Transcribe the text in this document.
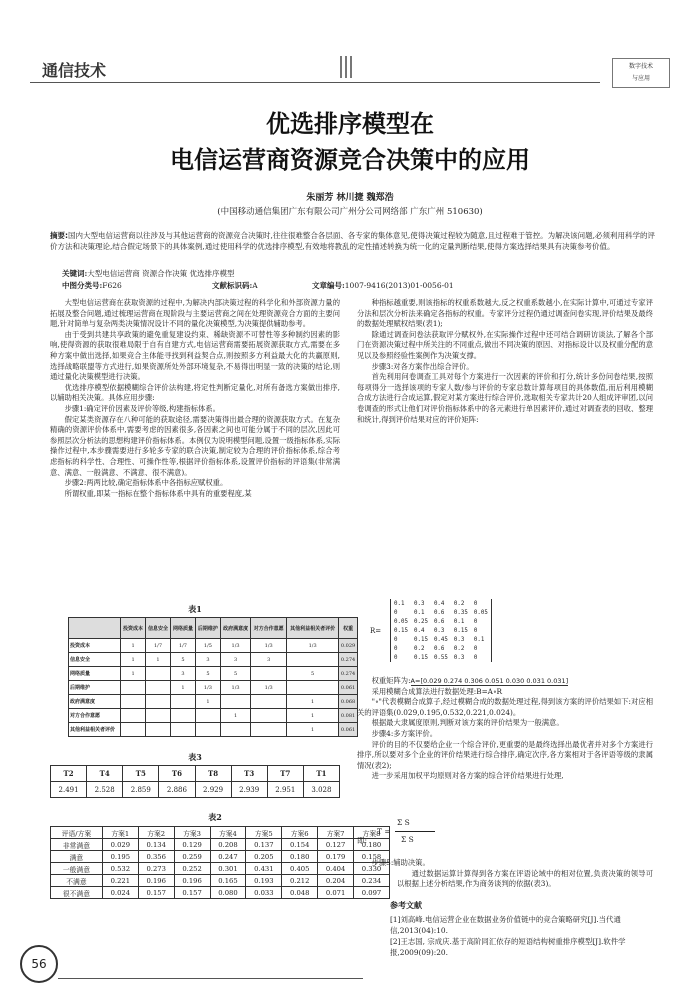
通信技术	数字技术
与应用
优选排序模型在
电信运营商资源竞合决策中的应用
朱丽芳 林川捷 魏郑浩
(中国移动通信集团广东有限公司广州分公司网络部 广东广州 510630)
摘要:国内大型电信运营商以往涉及与其他运营商的资源竞合决策时,往往很难整合各层面、各专家的集体意见,使得决策过程较为随意,且过程难于管控。为解决该问题,必须利用科学的评价方法和决策理论,结合假定场景下的具体案例,通过使用科学的优选排序模型,有效地将教乱的定性描述转换为统一化的定量判断结果,使得方案选择结果具有决策参考价值。
关键词:大型电信运营商 资源合作决策 优选排序模型
中图分类号:F626	文献标识码:A	文章编号:1007-9416(2013)01-0056-01

大型电信运营商在获取资源的过程中,为解决内部决策过程的科学化和外部资源力量的拓展及整合问题,通过梳理运营商在现阶段与主要运营商之间在处理资源竞合方面的主要问题,针对简单与复杂两类决策情况设计不同的量化决策模型,为决策提供辅助参考。

由于受到共建共享政策的避免重复建设约束、稀缺资源不可替性等多种制约因素的影响,使得资源的获取很难局限于自有自建方式,电信运营商需要拓展资源获取方式,需要在多种方案中做出选择,如果竞合主体能寻找到利益契合点,则按照多方利益最大化的共赢原则,选择战略联盟等方式进行,如果资源所处外部环境复杂,不易得出明显一致的决策的结论,则通过量化决策模型进行决策。

优选排序模型依据模糊综合评价法构建,将定性判断定量化,对所有备选方案做出排序,以辅助相关决策。具体应用步骤:

步骤1:确定评价因素及评价等级,构建指标体系。

假定某类资源存在八种可能的获取途径,需要决策得出最合理的资源获取方式。在复杂精确的资源评价体系中,需要考虑的因素很多,各因素之间也可能分属于不同的层次,因此可参照层次分析法的思想构建评价指标体系。本例仅为说明模型问题,设置一级指标体系,实际操作过程中,本步骤需要进行多轮多专家的联合决策,制定较为合理的评价指标体系,综合考虑指标的科学性、合理性、可操作性等,根据评价指标体系,设置评价指标的评语集(非常满意、满意、一般满意、不满意、很不满意)。

步骤2:两两比较,确定指标体系中各指标应赋权重。

所谓权重,即某一指标在整个指标体系中具有的重要程度,某

表1
	投资成本	信息安全	网络质量	后期维护	政府满意度	对方合作意愿	其他利益相关者评价	权重
投资成本	1	1/7	1/7	1/5	1/3	1/3	1/3	0.029
信息安全	1	1	5	3	3	3		0.274
网络质量	1		3	5	5		5	0.274
后期维护			1	1/3	1/3	1/3		0.061
政府满意度				1			1	0.068
对方合作意愿					1		1	0.081
其他利益相关者评价							1	0.061
表3
T2	T4	T5	T6	T8	T3	T7	T1
2.491	2.528	2.859	2.886	2.929	2.939	2.951	3.028
表2
评语/方案	方案1	方案2	方案3	方案4	方案5	方案6	方案7	方案8
非常满意	0.029	0.134	0.129	0.208	0.137	0.154	0.127	0.180
满意	0.195	0.356	0.259	0.247	0.205	0.180	0.179	0.158
一般满意	0.532	0.273	0.252	0.301	0.431	0.405	0.404	0.330
不满意	0.221	0.196	0.196	0.165	0.193	0.212	0.204	0.234
很不满意	0.024	0.157	0.157	0.080	0.033	0.048	0.071	0.097

种指标越重要,则该指标的权重系数越大,反之权重系数越小,在实际计算中,可通过专家评分法和层次分析法来确定各指标的权重。专家评分过程仍通过调查问卷实现,评价结果及最终的数据处理赋权结果(表1);

除通过调查问卷法获取评分赋权外,在实际操作过程中还可结合调研访谈法,了解各个部门在资源决策过程中所关注的不同重点,做出不同决策的原因、对指标设计以及权重分配的意见以及参照经验性案例作为决策支撑。

步骤3:对各方案作出综合评价。

首先利用问卷调查工具对每个方案进行一次因素的评价和打分,统计多份问卷结果,按照每项得分一选择该项的专家人数/参与评价的专家总数计算每项目的具体数值,而后利用模糊合成方法进行合成运算,假定对某方案进行综合评价,选取相关专家共计20人组成评审团,以问卷调查的形式让他们对评价指标体系中的各元素进行单因素评价,通过对调查表的回收、整理和统计,得到评价结果对应的评价矩阵:

R=
0.1	0.3	0.4	0.2	0
0	0.1	0.6	0.35	0.05
0.05	0.25	0.6	0.1	0
0.15	0.4	0.3	0.15	0
0	0.15	0.45	0.3	0.1
0	0.2	0.6	0.2	0
0	0.15	0.55	0.3	0

权重矩阵为:A=[0.029 0.274 0.306 0.051 0.030 0.031 0.031]

采用模糊合成算法进行数据处理:B=A∘R

"∘"代表模糊合成算子,经过模糊合成的数据处理过程,得到该方案的评价结果如下:对应相关的评语集(0.029,0.195,0.532,0.221,0.024)。

根据最大隶属度原则,判断对该方案的评价结果为一般满意。

步骤4:多方案评价。

评价的目的不仅要给企业一个综合评价,更重要的是最终选择出最优者并对多个方案进行排序,所以要对多个企业的评价结果进行综合排序,确定次序,各方案相对于各评语等级的隶属情况(表2);

进一步采用加权平均原则对各方案的综合评价结果进行处理,

即:
T =
Σ S
Σ S

步骤5:辅助决策。

通过数据运算计算得到各方案在评语论域中的相对位置,负责决策的领导可以根据上述分析结果,作为商务谈判的依据(表3)。

参考文献
[1]刘高峰.电信运营企业在数据业务价值链中的竞合策略研究[J].当代通信,2013(04):10.
[2]王志国, 宗成庆.基于高阶同汇依存的短语结构树重排序模型[J].软件学报,2009(09):20.
56
